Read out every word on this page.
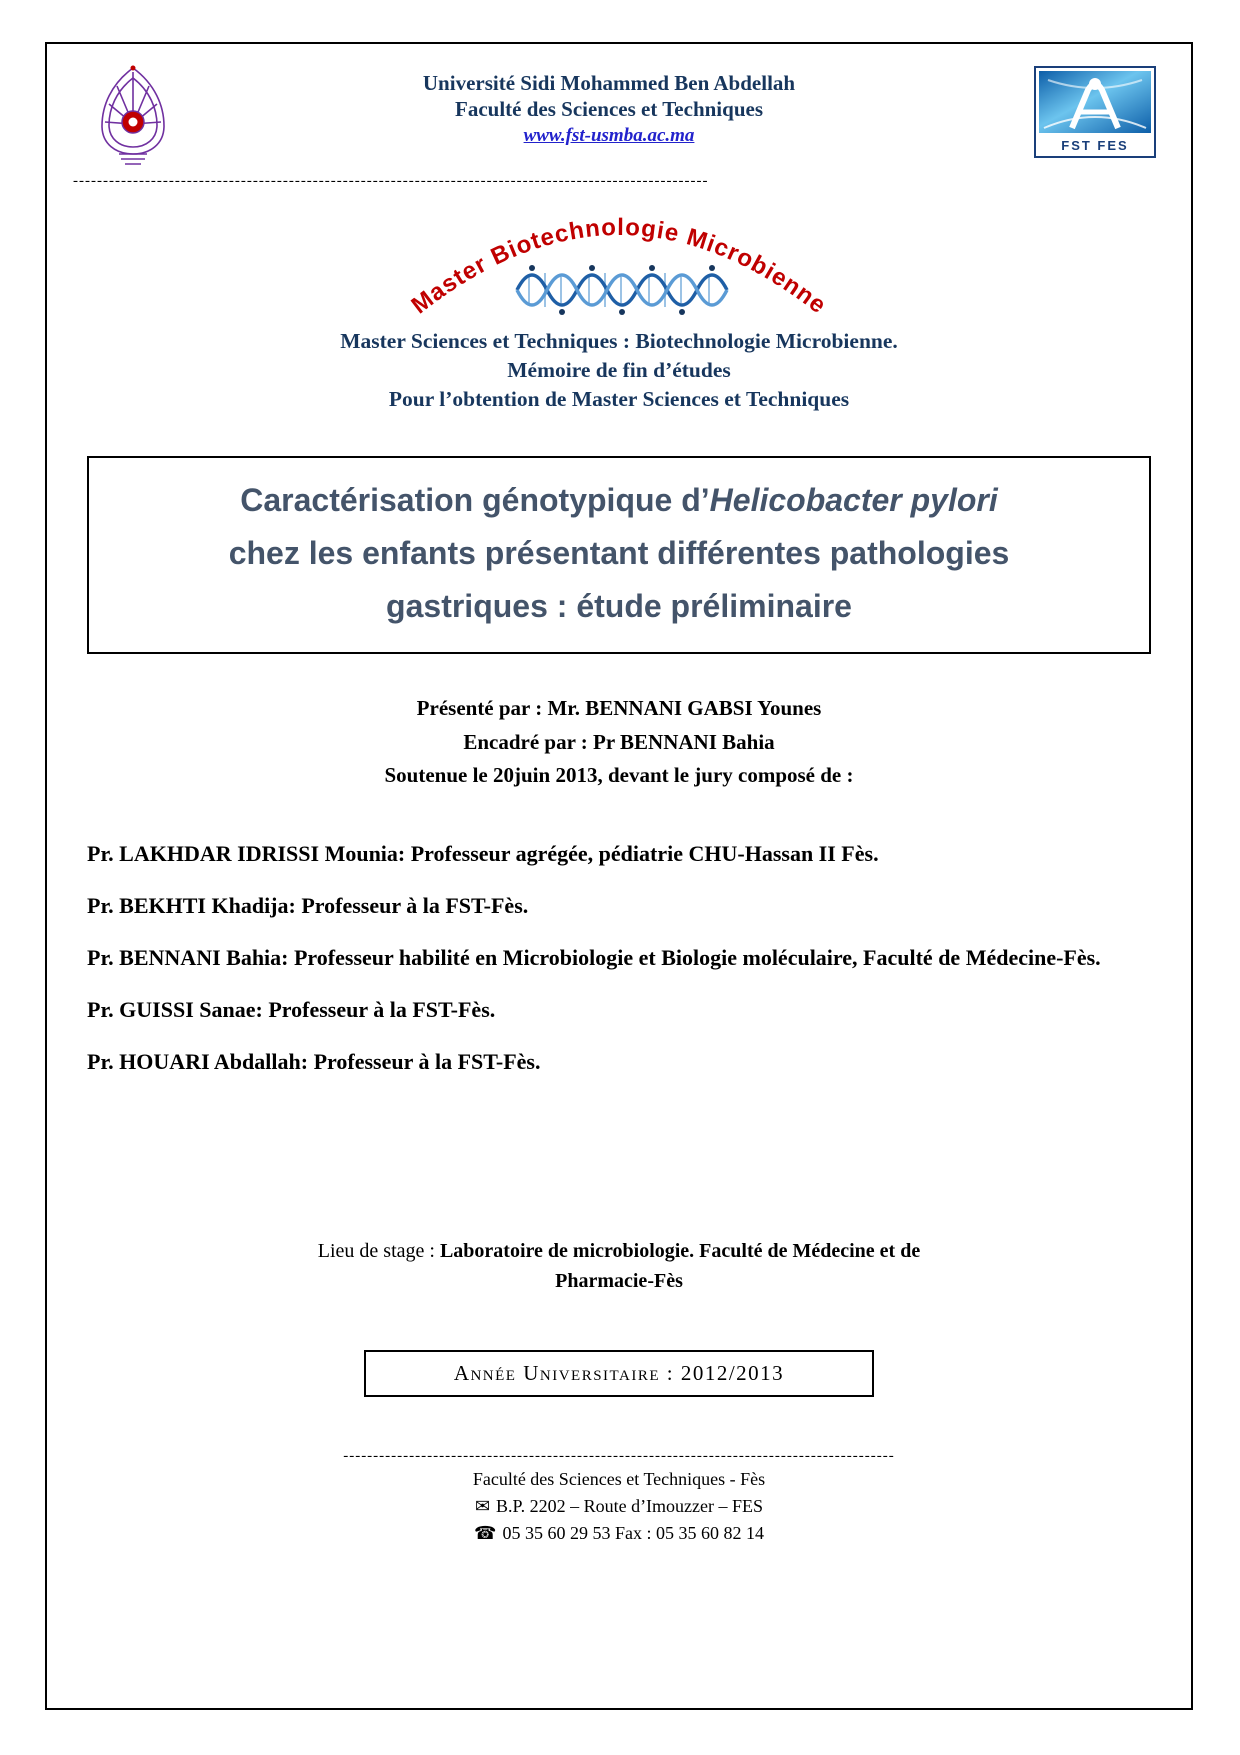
Université Sidi Mohammed Ben Abdellah
Faculté des Sciences et Techniques
www.fst-usmba.ac.ma	FST FES
----------------------------------------------------------------------------------------------------------
Master Biotechnologie Microbienne

Master Sciences et Techniques : Biotechnologie Microbienne.

Mémoire de fin d’études

Pour l’obtention de Master Sciences et Techniques

Caractérisation génotypique d’Helicobacter pylori
chez les enfants présentant différentes pathologies
gastriques : étude préliminaire

Présenté par : Mr. BENNANI GABSI Younes

Encadré par : Pr BENNANI Bahia

Soutenue le 20juin 2013, devant le jury composé de :

Pr. LAKHDAR IDRISSI Mounia: Professeur agrégée, pédiatrie CHU-Hassan II Fès.

Pr. BEKHTI Khadija: Professeur à la FST-Fès.

Pr. BENNANI Bahia: Professeur habilité en Microbiologie et Biologie moléculaire, Faculté de Médecine-Fès.

Pr. GUISSI Sanae: Professeur à la FST-Fès.

Pr. HOUARI Abdallah: Professeur à la FST-Fès.

Lieu de stage : Laboratoire de microbiologie. Faculté de Médecine et de
Pharmacie-Fès
Année Universitaire : 2012/2013
--------------------------------------------------------------------------------------------

Faculté des Sciences et Techniques - Fès

✉ B.P. 2202 – Route d’Imouzzer – FES

☎ 05 35 60 29 53 Fax : 05 35 60 82 14
